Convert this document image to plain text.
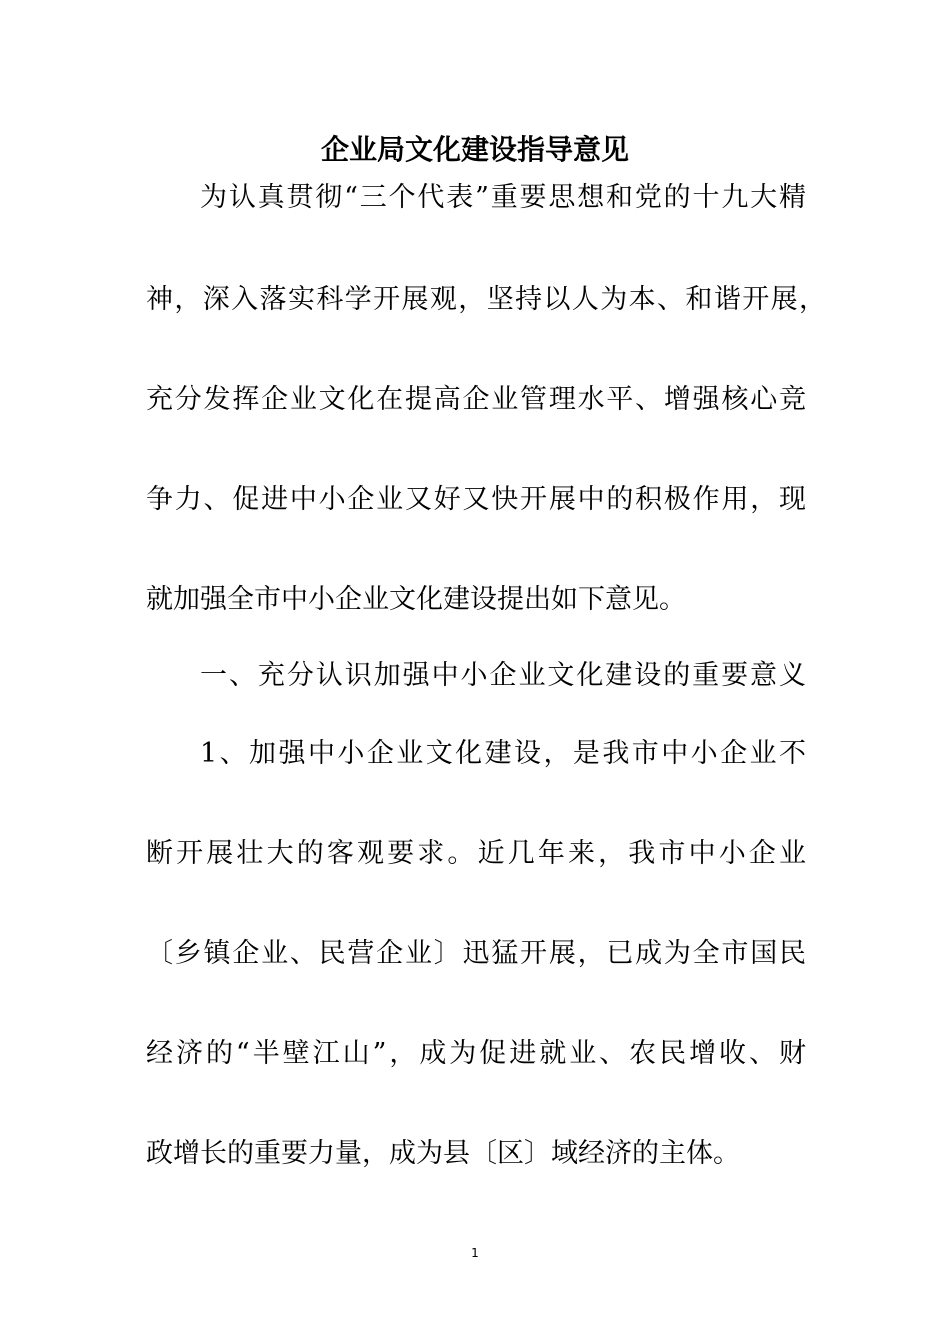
企业局文化建设指导意见
为认真贯彻“三个代表”重要思想和党的十九大精
神，深入落实科学开展观，坚持以人为本、和谐开展，
充分发挥企业文化在提高企业管理水平、增强核心竞
争力、促进中小企业又好又快开展中的积极作用，现
就加强全市中小企业文化建设提出如下意见。
一、充分认识加强中小企业文化建设的重要意义
1、加强中小企业文化建设，是我市中小企业不
断开展壮大的客观要求。近几年来，我市中小企业
〔乡镇企业、民营企业〕迅猛开展，已成为全市国民
经济的“半壁江山”，成为促进就业、农民增收、财
政增长的重要力量，成为县〔区〕域经济的主体。
1
